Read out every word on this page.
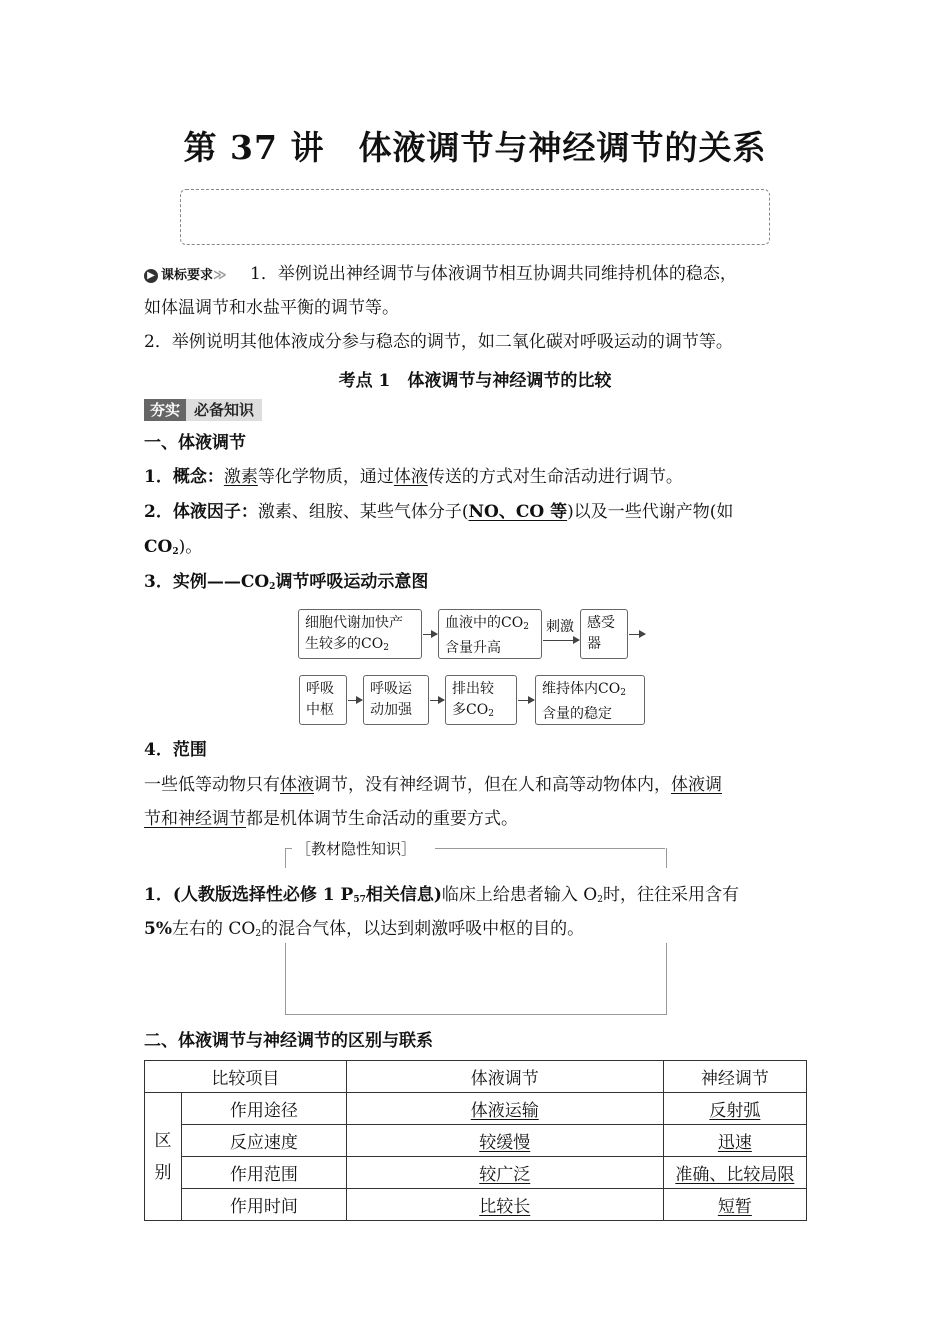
第 37 讲　体液调节与神经调节的关系
▶ 课标要求≫ 1．举例说出神经调节与体液调节相互协调共同维持机体的稳态，
如体温调节和水盐平衡的调节等。
2．举例说明其他体液成分参与稳态的调节，如二氧化碳对呼吸运动的调节等。
考点 1　体液调节与神经调节的比较
夯实 必备知识
一、体液调节
1．概念：激素等化学物质，通过体液传送的方式对生命活动进行调节。
2．体液因子：激素、组胺、某些气体分子(NO、CO 等)以及一些代谢产物(如
$CO_2$)。
3．实例$——CO_2$调节呼吸运动示意图
细胞代谢加快产
生较多的$CO_2$
血液中的$CO_2$
含量升高
刺激 感受
器
呼吸
中枢
呼吸运
动加强
排出较
多$CO_2$
维持体内$CO_2$
含量的稳定
4．范围
一些低等动物只有体液调节，没有神经调节，但在人和高等动物体内，体液调
节和神经调节都是机体调节生命活动的重要方式。
［教材隐性知识］
1．(人教版选择性必修 1 $P_{57}$相关信息)临床上给患者输入 $O_2$时，往往采用含有
5%左右的 $CO_2$的混合气体，以达到刺激呼吸中枢的目的。
二、体液调节与神经调节的区别与联系
比较项目		体液调节	神经调节

区
别	作用途径	体液运输	反射弧
	反应速度	较缓慢	迅速
	作用范围	较广泛	准确、比较局限
	作用时间	比较长	短暂
